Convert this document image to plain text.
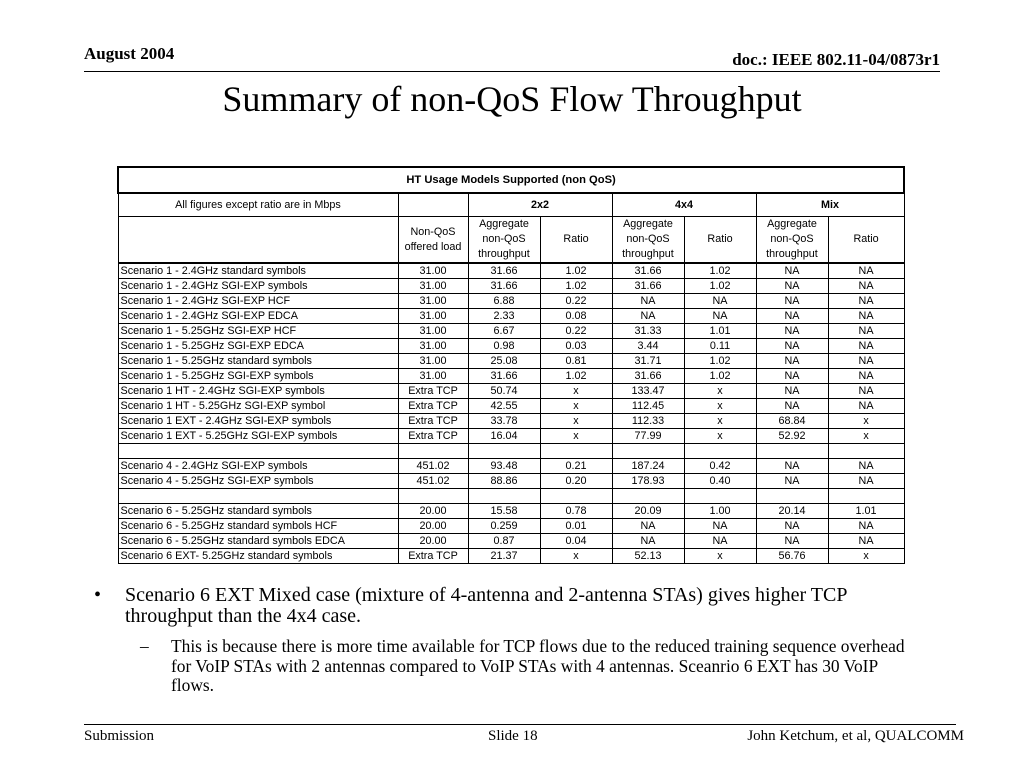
August 2004	doc.: IEEE 802.11-04/0873r1
Summary of non-QoS Flow Throughput
HT Usage Models Supported (non QoS)							
All figures except ratio are in Mbps		2x2		4x4		Mix	
	Non-QoS offered load	Aggregate non-QoS throughput	Ratio	Aggregate non-QoS throughput	Ratio	Aggregate non-QoS throughput	Ratio
Scenario 1 - 2.4GHz standard symbols	31.00	31.66	1.02	31.66	1.02	NA	NA
Scenario 1 - 2.4GHz SGI-EXP symbols	31.00	31.66	1.02	31.66	1.02	NA	NA
Scenario 1 - 2.4GHz SGI-EXP HCF	31.00	6.88	0.22	NA	NA	NA	NA
Scenario 1 - 2.4GHz SGI-EXP EDCA	31.00	2.33	0.08	NA	NA	NA	NA
Scenario 1 - 5.25GHz SGI-EXP HCF	31.00	6.67	0.22	31.33	1.01	NA	NA
Scenario 1 - 5.25GHz SGI-EXP EDCA	31.00	0.98	0.03	3.44	0.11	NA	NA
Scenario 1 - 5.25GHz standard symbols	31.00	25.08	0.81	31.71	1.02	NA	NA
Scenario 1 - 5.25GHz SGI-EXP symbols	31.00	31.66	1.02	31.66	1.02	NA	NA
Scenario 1 HT - 2.4GHz SGI-EXP symbols	Extra TCP	50.74	x	133.47	x	NA	NA
Scenario 1 HT - 5.25GHz SGI-EXP symbol	Extra TCP	42.55	x	112.45	x	NA	NA
Scenario 1 EXT - 2.4GHz SGI-EXP symbols	Extra TCP	33.78	x	112.33	x	68.84	x
Scenario 1 EXT - 5.25GHz SGI-EXP symbols	Extra TCP	16.04	x	77.99	x	52.92	x

Scenario 4 - 2.4GHz SGI-EXP symbols	451.02	93.48	0.21	187.24	0.42	NA	NA
Scenario 4 - 5.25GHz SGI-EXP symbols	451.02	88.86	0.20	178.93	0.40	NA	NA

Scenario 6 - 5.25GHz standard symbols	20.00	15.58	0.78	20.09	1.00	20.14	1.01
Scenario 6 - 5.25GHz standard symbols HCF	20.00	0.259	0.01	NA	NA	NA	NA
Scenario 6 - 5.25GHz standard symbols EDCA	20.00	0.87	0.04	NA	NA	NA	NA
Scenario 6 EXT- 5.25GHz standard symbols	Extra TCP	21.37	x	52.13	x	56.76	x
• Scenario 6 EXT Mixed case (mixture of 4-antenna and 2-antenna STAs) gives higher TCP throughput than the 4x4 case.
– This is because there is more time available for TCP flows due to the reduced training sequence overhead for VoIP STAs with 2 antennas compared to VoIP STAs with 4 antennas. Sceanrio 6 EXT has 30 VoIP flows.
Submission	Slide 18	John Ketchum, et al, QUALCOMM
